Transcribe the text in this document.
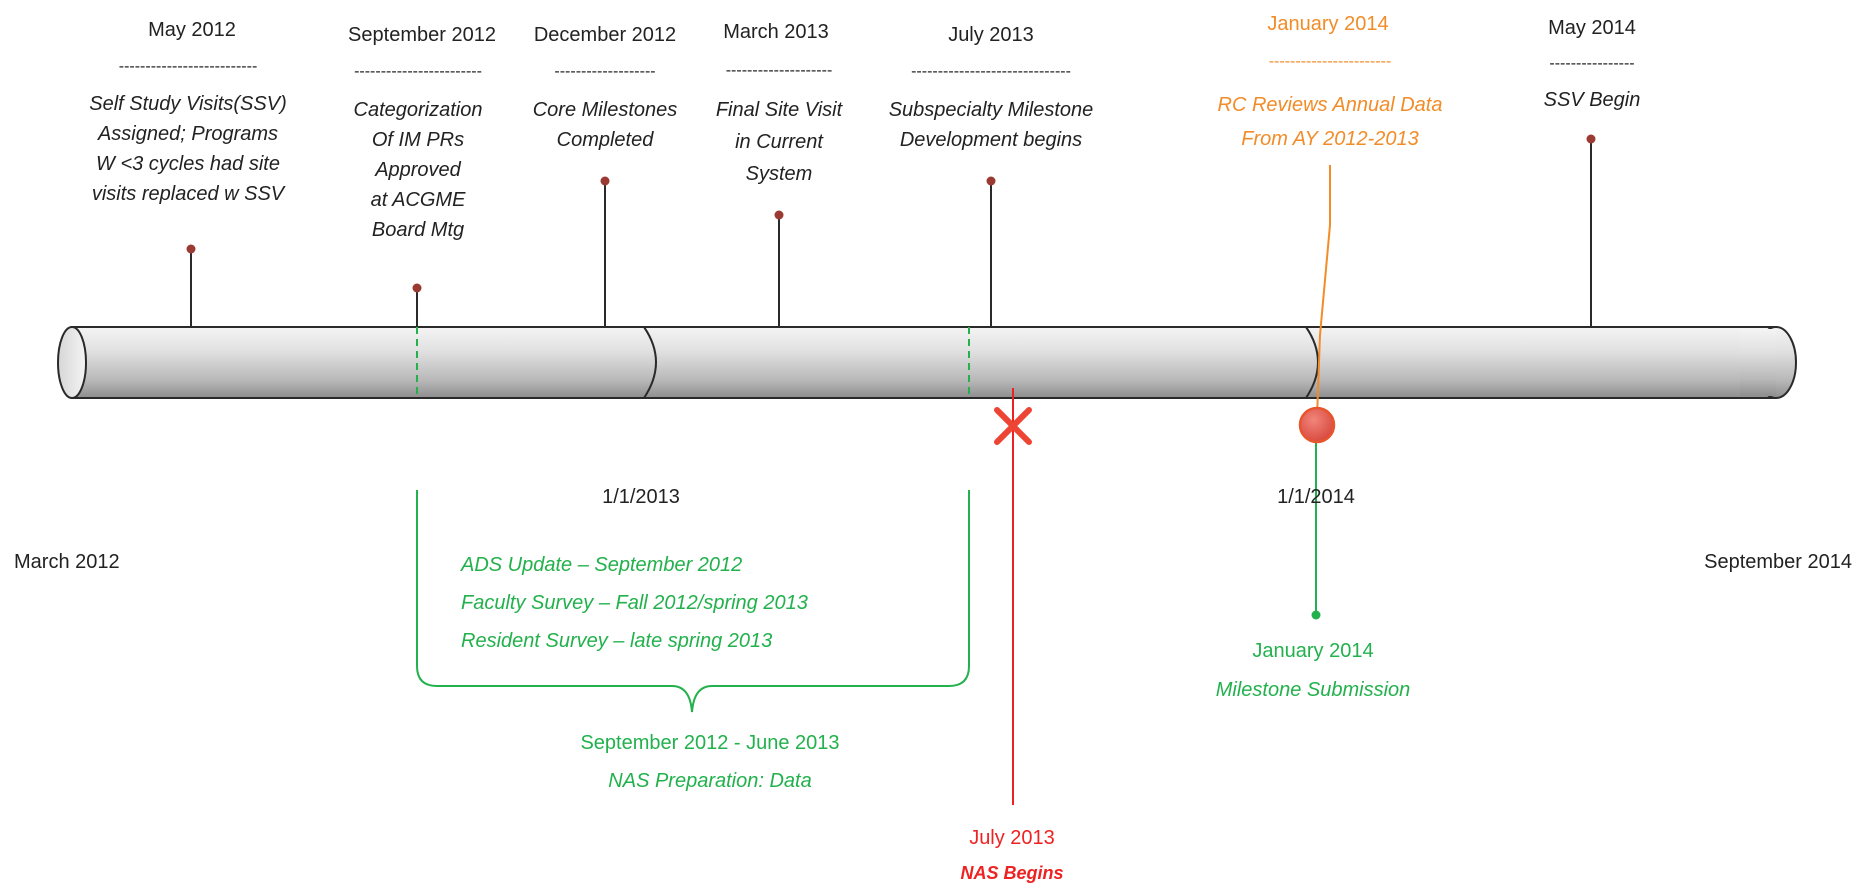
March 2012	September 2014
1/1/2013	1/1/2014
May 2012
--------------------------
Self Study Visits(SSV)
Assigned; Programs
W <3 cycles had site
visits replaced w SSV
September 2012
------------------------
Categorization
Of IM PRs
Approved
at ACGME
Board Mtg
December 2012
-------------------
Core Milestones
Completed
March 2013
--------------------
Final Site Visit
in Current
System
July 2013
------------------------------
Subspecialty Milestone
Development begins
January 2014
-----------------------
RC Reviews Annual Data
From AY 2012-2013
May 2014
----------------
SSV Begin
ADS Update – September 2012
Faculty Survey – Fall 2012/spring 2013
Resident Survey – late spring 2013
September 2012 - June 2013
NAS Preparation: Data
January 2014
Milestone Submission
July 2013
NAS Begins
